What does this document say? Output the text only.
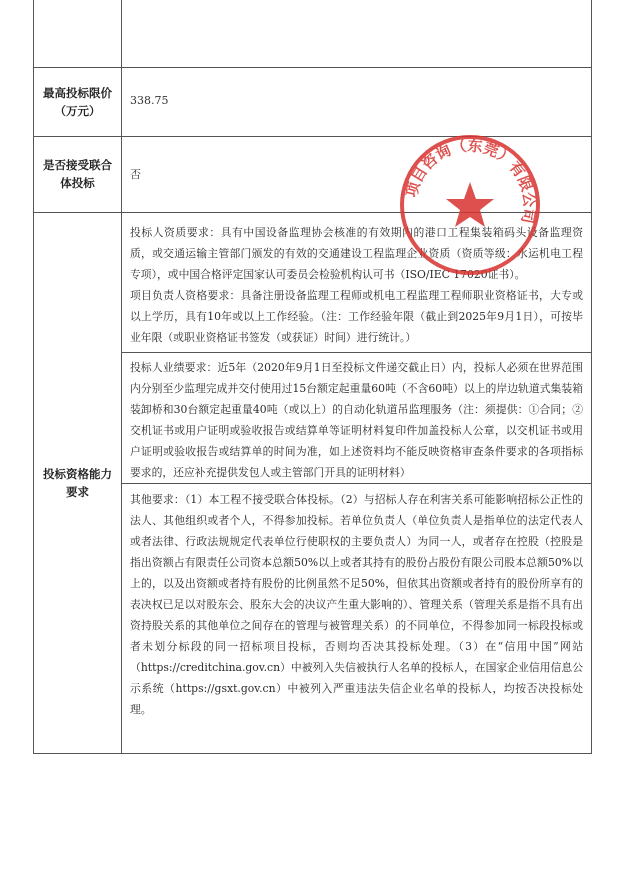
最高投标限价（万元）
338.75
是否接受联合体投标
否
投标资格能力要求

投标人资质要求：具有中国设备监理协会核准的有效期内的港口工程集装箱码头设备监理资质，或交通运输主管部门颁发的有效的交通建设工程监理企业资质（资质等级：水运机电工程专项），或中国合格评定国家认可委员会检验机构认可书（ISO/IEC 17020证书）。

项目负责人资格要求：具备注册设备监理工程师或机电工程监理工程师职业资格证书，大专或以上学历，具有10年或以上工作经验。（注：工作经验年限（截止到2025年9月1日），可按毕业年限（或职业资格证书签发（或获证）时间）进行统计。）

投标人业绩要求：近5年（2020年9月1日至投标文件递交截止日）内，投标人必须在世界范围内分别至少监理完成并交付使用过15台额定起重量60吨（不含60吨）以上的岸边轨道式集装箱装卸桥和30台额定起重量40吨（或以上）的自动化轨道吊监理服务（注：须提供：①合同；②交机证书或用户证明或验收报告或结算单等证明材料复印件加盖投标人公章，以交机证书或用户证明或验收报告或结算单的时间为准，如上述资料均不能反映资格审查条件要求的各项指标要求的，还应补充提供发包人或主管部门开具的证明材料）

其他要求：（1）本工程不接受联合体投标。（2）与招标人存在利害关系可能影响招标公正性的法人、其他组织或者个人，不得参加投标。若单位负责人（单位负责人是指单位的法定代表人或者法律、行政法规规定代表单位行使职权的主要负责人）为同一人，或者存在控股（控股是指出资额占有限责任公司资本总额50%以上或者其持有的股份占股份有限公司股本总额50%以上的，以及出资额或者持有股份的比例虽然不足50%，但依其出资额或者持有的股份所享有的表决权已足以对股东会、股东大会的决议产生重大影响的）、管理关系（管理关系是指不具有出资持股关系的其他单位之间存在的管理与被管理关系）的不同单位，不得参加同一标段投标或者未划分标段的同一招标项目投标，否则均否决其投标处理。（3）在“信用中国”网站（https://creditchina.gov.cn）中被列入失信被执行人名单的投标人，在国家企业信用信息公示系统（https://gsxt.gov.cn）中被列入严重违法失信企业名单的投标人，均按否决投标处理。

项目咨询（东莞）有限公司
